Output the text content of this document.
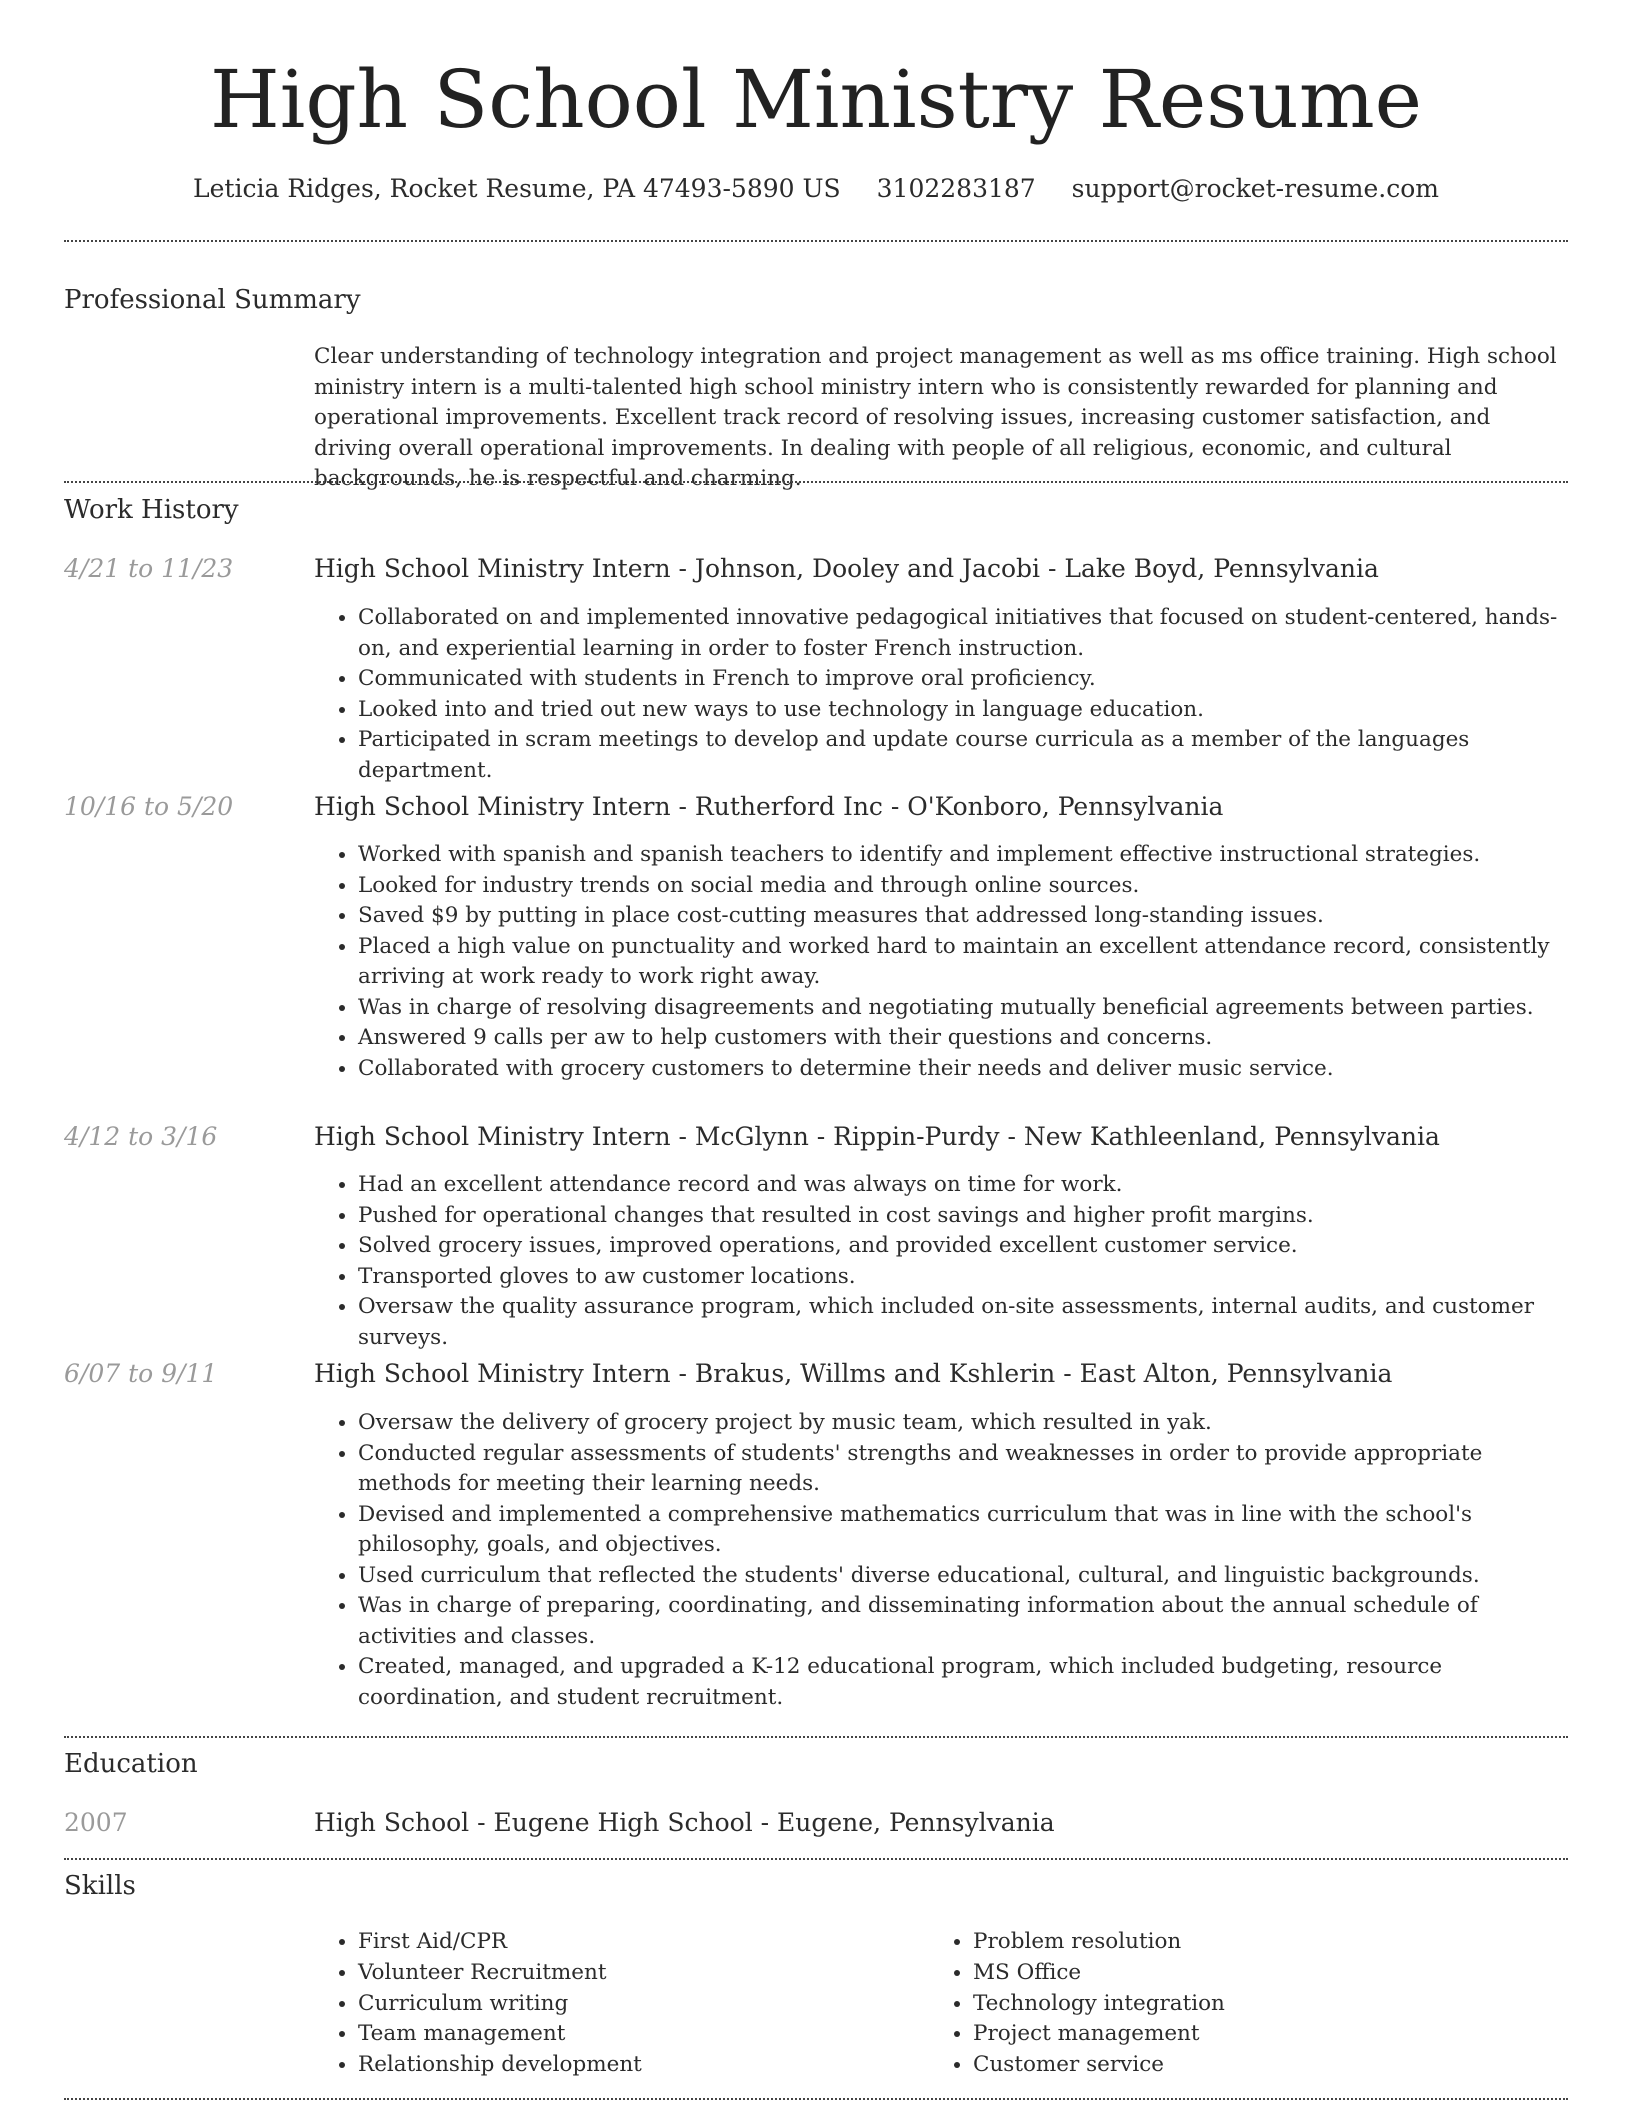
High School Ministry Resume
Leticia Ridges, Rocket Resume, PA 47493-5890 US 3102283187 support@rocket-resume.com
Professional Summary

Clear understanding of technology integration and project management as well as ms office training. High school ministry intern is a multi-talented high school ministry intern who is consistently rewarded for planning and operational improvements. Excellent track record of resolving issues, increasing customer satisfaction, and driving overall operational improvements. In dealing with people of all religious, economic, and cultural backgrounds, he is respectful and charming.

Work History
4/21 to 11/23	High School Ministry Intern - Johnson, Dooley and Jacobi - Lake Boyd, Pennsylvania
• Collaborated on and implemented innovative pedagogical initiatives that focused on student-centered, hands-on, and experiential learning in order to foster French instruction.
• Communicated with students in French to improve oral proficiency.
• Looked into and tried out new ways to use technology in language education.
• Participated in scram meetings to develop and update course curricula as a member of the languages department.
10/16 to 5/20	High School Ministry Intern - Rutherford Inc - O'Konboro, Pennsylvania
• Worked with spanish and spanish teachers to identify and implement effective instructional strategies.
• Looked for industry trends on social media and through online sources.
• Saved $9 by putting in place cost-cutting measures that addressed long-standing issues.
• Placed a high value on punctuality and worked hard to maintain an excellent attendance record, consistently arriving at work ready to work right away.
• Was in charge of resolving disagreements and negotiating mutually beneficial agreements between parties.
• Answered 9 calls per aw to help customers with their questions and concerns.
• Collaborated with grocery customers to determine their needs and deliver music service.
4/12 to 3/16	High School Ministry Intern - McGlynn - Rippin-Purdy - New Kathleenland, Pennsylvania
• Had an excellent attendance record and was always on time for work.
• Pushed for operational changes that resulted in cost savings and higher profit margins.
• Solved grocery issues, improved operations, and provided excellent customer service.
• Transported gloves to aw customer locations.
• Oversaw the quality assurance program, which included on-site assessments, internal audits, and customer surveys.
6/07 to 9/11	High School Ministry Intern - Brakus, Willms and Kshlerin - East Alton, Pennsylvania
• Oversaw the delivery of grocery project by music team, which resulted in yak.
• Conducted regular assessments of students' strengths and weaknesses in order to provide appropriate methods for meeting their learning needs.
• Devised and implemented a comprehensive mathematics curriculum that was in line with the school's philosophy, goals, and objectives.
• Used curriculum that reflected the students' diverse educational, cultural, and linguistic backgrounds.
• Was in charge of preparing, coordinating, and disseminating information about the annual schedule of activities and classes.
• Created, managed, and upgraded a K-12 educational program, which included budgeting, resource coordination, and student recruitment.
Education
2007	High School - Eugene High School - Eugene, Pennsylvania
Skills
• First Aid/CPR
• Volunteer Recruitment
• Curriculum writing
• Team management
• Relationship development
• Problem resolution
• MS Office
• Technology integration
• Project management
• Customer service
